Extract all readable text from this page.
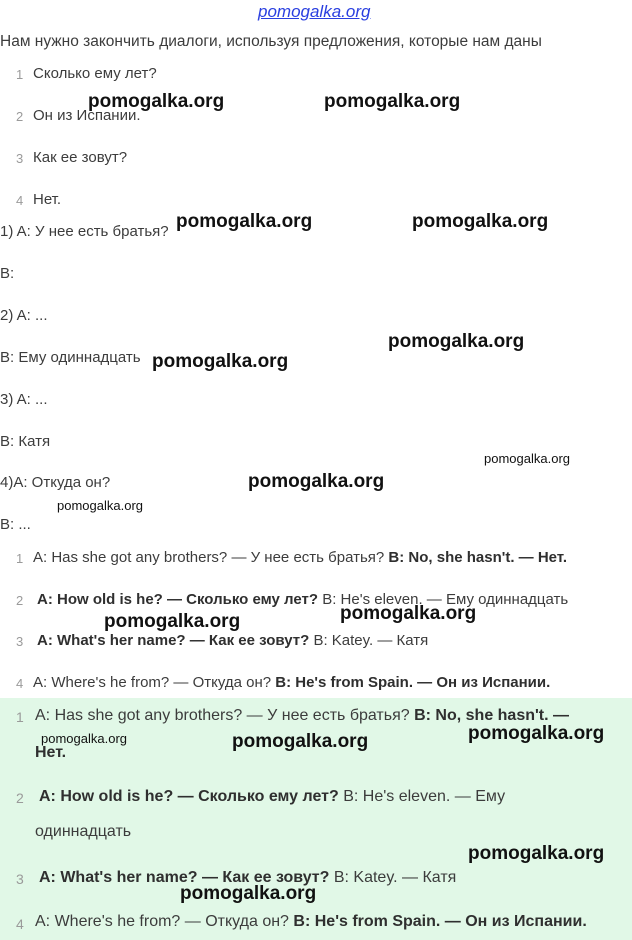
pomogalka.org
Нам нужно закончить диалоги, используя предложения, которые нам даны
1 Сколько ему лет?
2 Он из Испании.
3 Как ее зовут?
4 Нет.
1) A: У нее есть братья?
B:
2) A: ...
B: Ему одиннадцать
3) A: ...
B: Катя
4)A: Откуда он?
B: ...
1 A: Has she got any brothers? — У нее есть братья? B: No, she hasn't. — Нет.
2 A: How old is he? — Сколько ему лет? B: He's eleven. — Ему одиннадцать
3 A: What's her name? — Как ее зовут? B: Katey. — Катя
4 A: Where's he from? — Откуда он? B: He's from Spain. — Он из Испании.
1 A: Has she got any brothers? — У нее есть братья? B: No, she hasn't. —
Нет.
2 A: How old is he? — Сколько ему лет? B: He's eleven. — Ему
одиннадцать
3 A: What's her name? — Как ее зовут? B: Katey. — Катя
4 A: Where's he from? — Откуда он? B: He's from Spain. — Он из Испании.
pomogalka.org	pomogalka.org
pomogalka.org	pomogalka.org
pomogalka.org
pomogalka.org
pomogalka.org
pomogalka.org
pomogalka.org
pomogalka.org
pomogalka.org
pomogalka.org
pomogalka.org	pomogalka.org
pomogalka.org
pomogalka.org
